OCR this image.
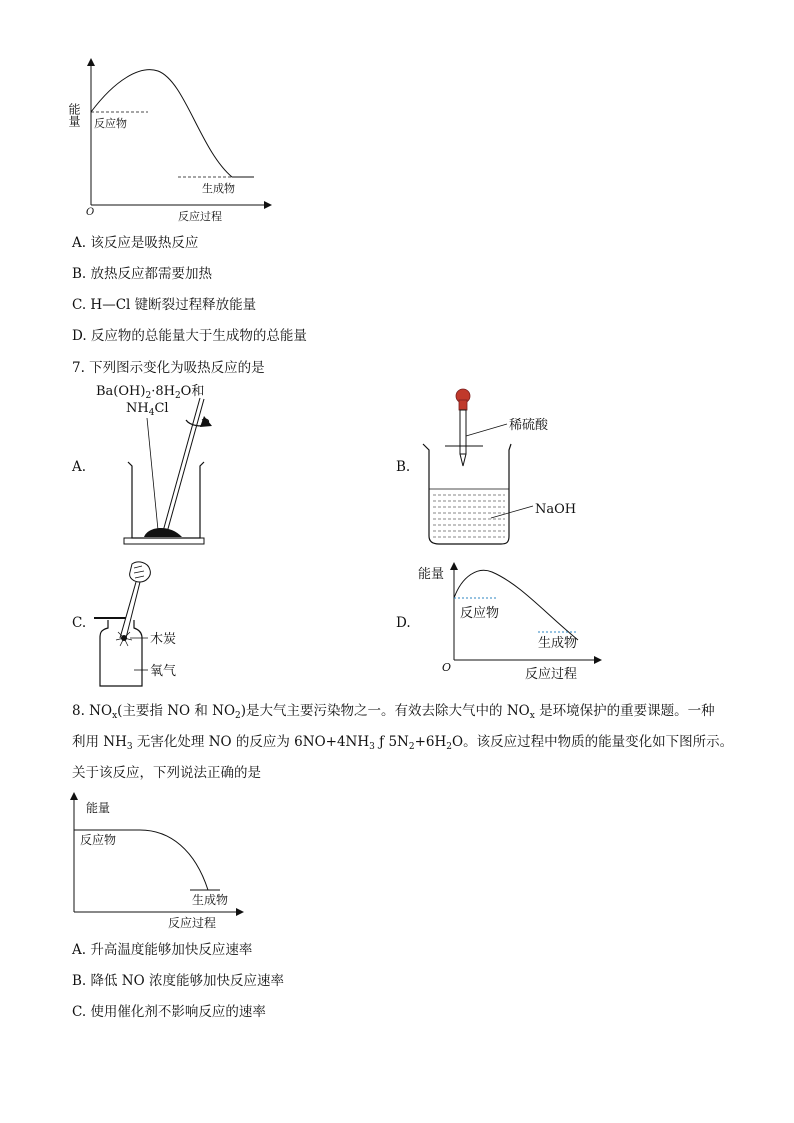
能量 反应物
生成物
O	反应过程
A. 该反应是吸热反应
B. 放热反应都需要加热
C. H—Cl 键断裂过程释放能量
D. 反应物的总能量大于生成物的总能量
7. 下列图示变化为吸热反应的是
A.
$Ba(OH)_2\cdot 8H_2O$和
$NH_4Cl$
B.
稀硫酸
NaOH
C.
木炭
氧气
D.
能量
反应物
生成物
O	反应过程
8. $NO_x$(主要指 NO 和 $NO_2$)是大气主要污染物之一。有效去除大气中的 $NO_x$ 是环境保护的重要课题。一种
利用 $NH_3$ 无害化处理 NO 的反应为 $6NO+4NH_3$ ƒ $5N_2+6H_2O$。该反应过程中物质的能量变化如下图所示。
关于该反应，下列说法正确的是
能量
反应物
生成物
反应过程
A. 升高温度能够加快反应速率
B. 降低 NO 浓度能够加快反应速率
C. 使用催化剂不影响反应的速率
